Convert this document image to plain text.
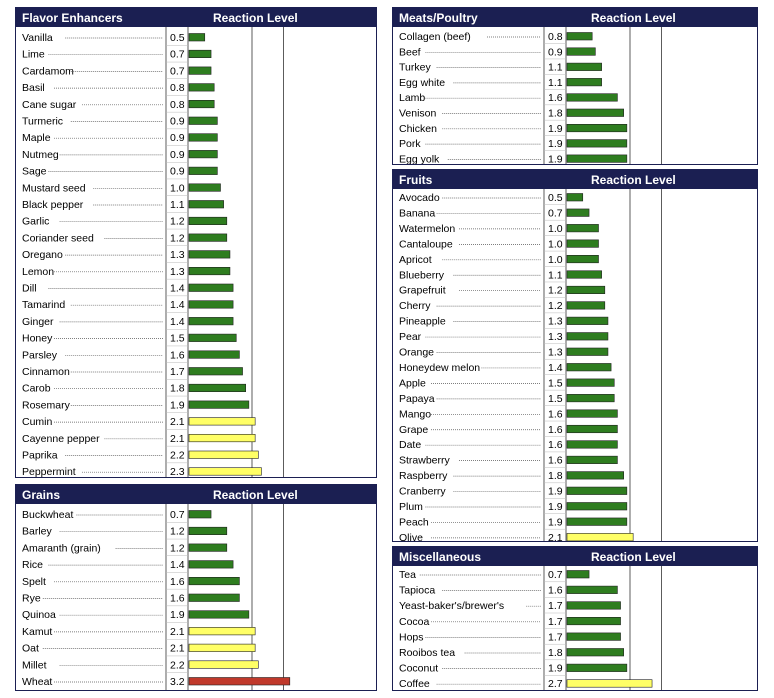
Flavor Enhancers	Reaction Level
Vanilla	0.5
Lime	0.7
Cardamom	0.7
Basil	0.8
Cane sugar	0.8
Turmeric	0.9
Maple	0.9
Nutmeg	0.9
Sage	0.9
Mustard seed	1.0
Black pepper	1.1
Garlic	1.2
Coriander seed	1.2
Oregano	1.3
Lemon	1.3
Dill	1.4
Tamarind	1.4
Ginger	1.4
Honey	1.5
Parsley	1.6
Cinnamon	1.7
Carob	1.8
Rosemary	1.9
Cumin	2.1
Cayenne pepper	2.1
Paprika	2.2
Peppermint	2.3
Grains	Reaction Level
Buckwheat	0.7
Barley	1.2
Amaranth (grain)	1.2
Rice	1.4
Spelt	1.6
Rye	1.6
Quinoa	1.9
Kamut	2.1
Oat	2.1
Millet	2.2
Wheat	3.2
Meats/Poultry	Reaction Level
Collagen (beef)	0.8
Beef	0.9
Turkey	1.1
Egg white	1.1
Lamb	1.6
Venison	1.8
Chicken	1.9
Pork	1.9
Egg yolk	1.9
Fruits	Reaction Level
Avocado	0.5
Banana	0.7
Watermelon	1.0
Cantaloupe	1.0
Apricot	1.0
Blueberry	1.1
Grapefruit	1.2
Cherry	1.2
Pineapple	1.3
Pear	1.3
Orange	1.3
Honeydew melon	1.4
Apple	1.5
Papaya	1.5
Mango	1.6
Grape	1.6
Date	1.6
Strawberry	1.6
Raspberry	1.8
Cranberry	1.9
Plum	1.9
Peach	1.9
Olive	2.1
Miscellaneous	Reaction Level
Tea	0.7
Tapioca	1.6
Yeast-baker's/brewer's	1.7
Cocoa	1.7
Hops	1.7
Rooibos tea	1.8
Coconut	1.9
Coffee	2.7
